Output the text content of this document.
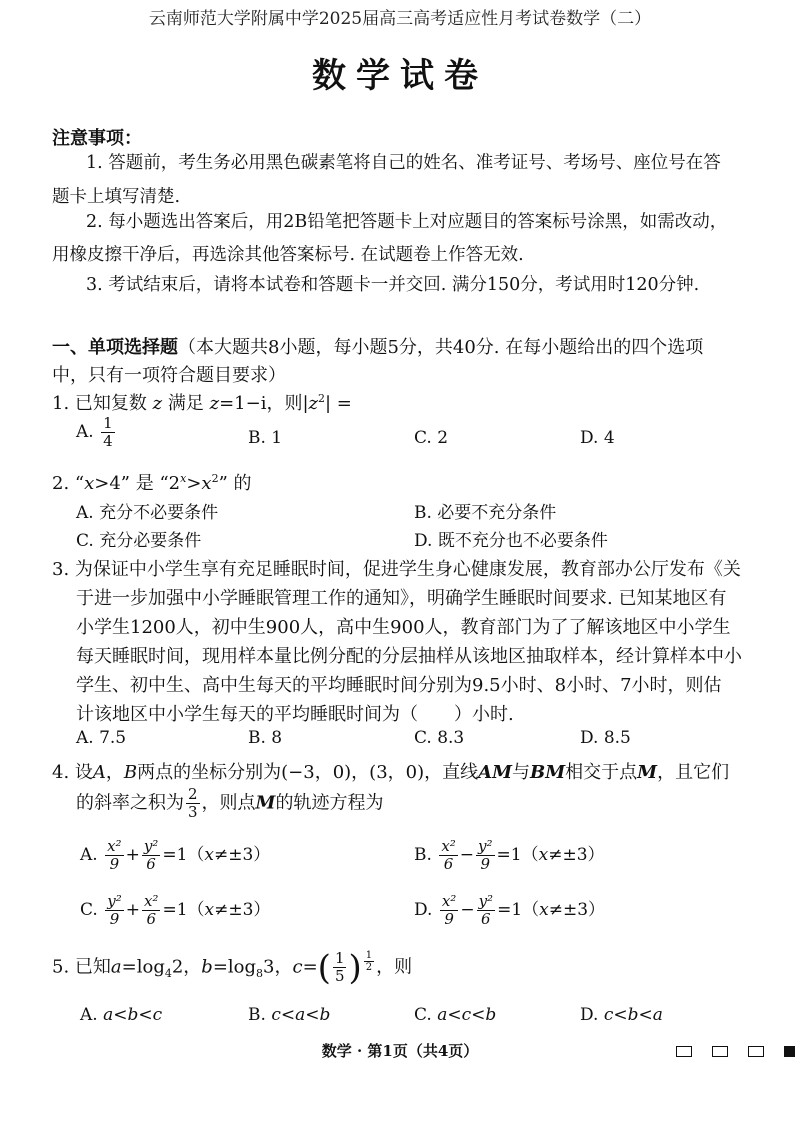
云南师范大学附属中学2025届高三高考适应性月考试卷数学（二）
数学试卷
注意事项：
1. 答题前，考生务必用黑色碳素笔将自己的姓名、准考证号、考场号、座位号在答
题卡上填写清楚.
2. 每小题选出答案后，用2B铅笔把答题卡上对应题目的答案标号涂黑，如需改动，
用橡皮擦干净后，再选涂其他答案标号. 在试题卷上作答无效.
3. 考试结束后，请将本试卷和答题卡一并交回. 满分150分，考试用时120分钟.
一、单项选择题（本大题共8小题，每小题5分，共40分. 在每小题给出的四个选项
中，只有一项符合题目要求）
1. 已知复数 z 满足 z=1−i，则$|z^2|$ =
A. $\frac{1}{4}$	B. 1	C. 2	D. 4
2. “x>4” 是 “$2^x>x^2$” 的
A. 充分不必要条件	B. 必要不充分条件
C. 充分必要条件	D. 既不充分也不必要条件
3. 为保证中小学生享有充足睡眠时间，促进学生身心健康发展，教育部办公厅发布《关
于进一步加强中小学睡眠管理工作的通知》，明确学生睡眠时间要求. 已知某地区有
小学生1200人，初中生900人，高中生900人，教育部门为了了解该地区中小学生
每天睡眠时间，现用样本量比例分配的分层抽样从该地区抽取样本，经计算样本中小
学生、初中生、高中生每天的平均睡眠时间分别为9.5小时、8小时、7小时，则估
计该地区中小学生每天的平均睡眠时间为（　　）小时.
A. 7.5	B. 8	C. 8.3	D. 8.5
4. 设A，B两点的坐标分别为(−3，0)，(3，0)，直线AM与BM相交于点M，且它们
的斜率之积为 $\frac{2}{3}$ ，则点M的轨迹方程为
A. $\frac{\text{x²}}{9} + \frac{\text{y²}}{6} =1(x\ne\pm 3)$	B. $\frac{\text{x²}}{6} - \frac{\text{y²}}{9} =1(x\ne\pm 3)$
C. $\frac{\text{y²}}{9} + \frac{\text{x²}}{6} =1(x\ne\pm 3)$	D. $\frac{\text{x²}}{9} - \frac{\text{y²}}{6} =1(x\ne\pm 3)$
5. 已知$a=\log_42$，$b=\log_83$，$c=( \frac{1}{5}$ ) $\frac{1}{2}$ ，则
A. a<b<c	B. c<a<b	C. a<c<b	D. c<b<a
数学 · 第1页（共4页）
